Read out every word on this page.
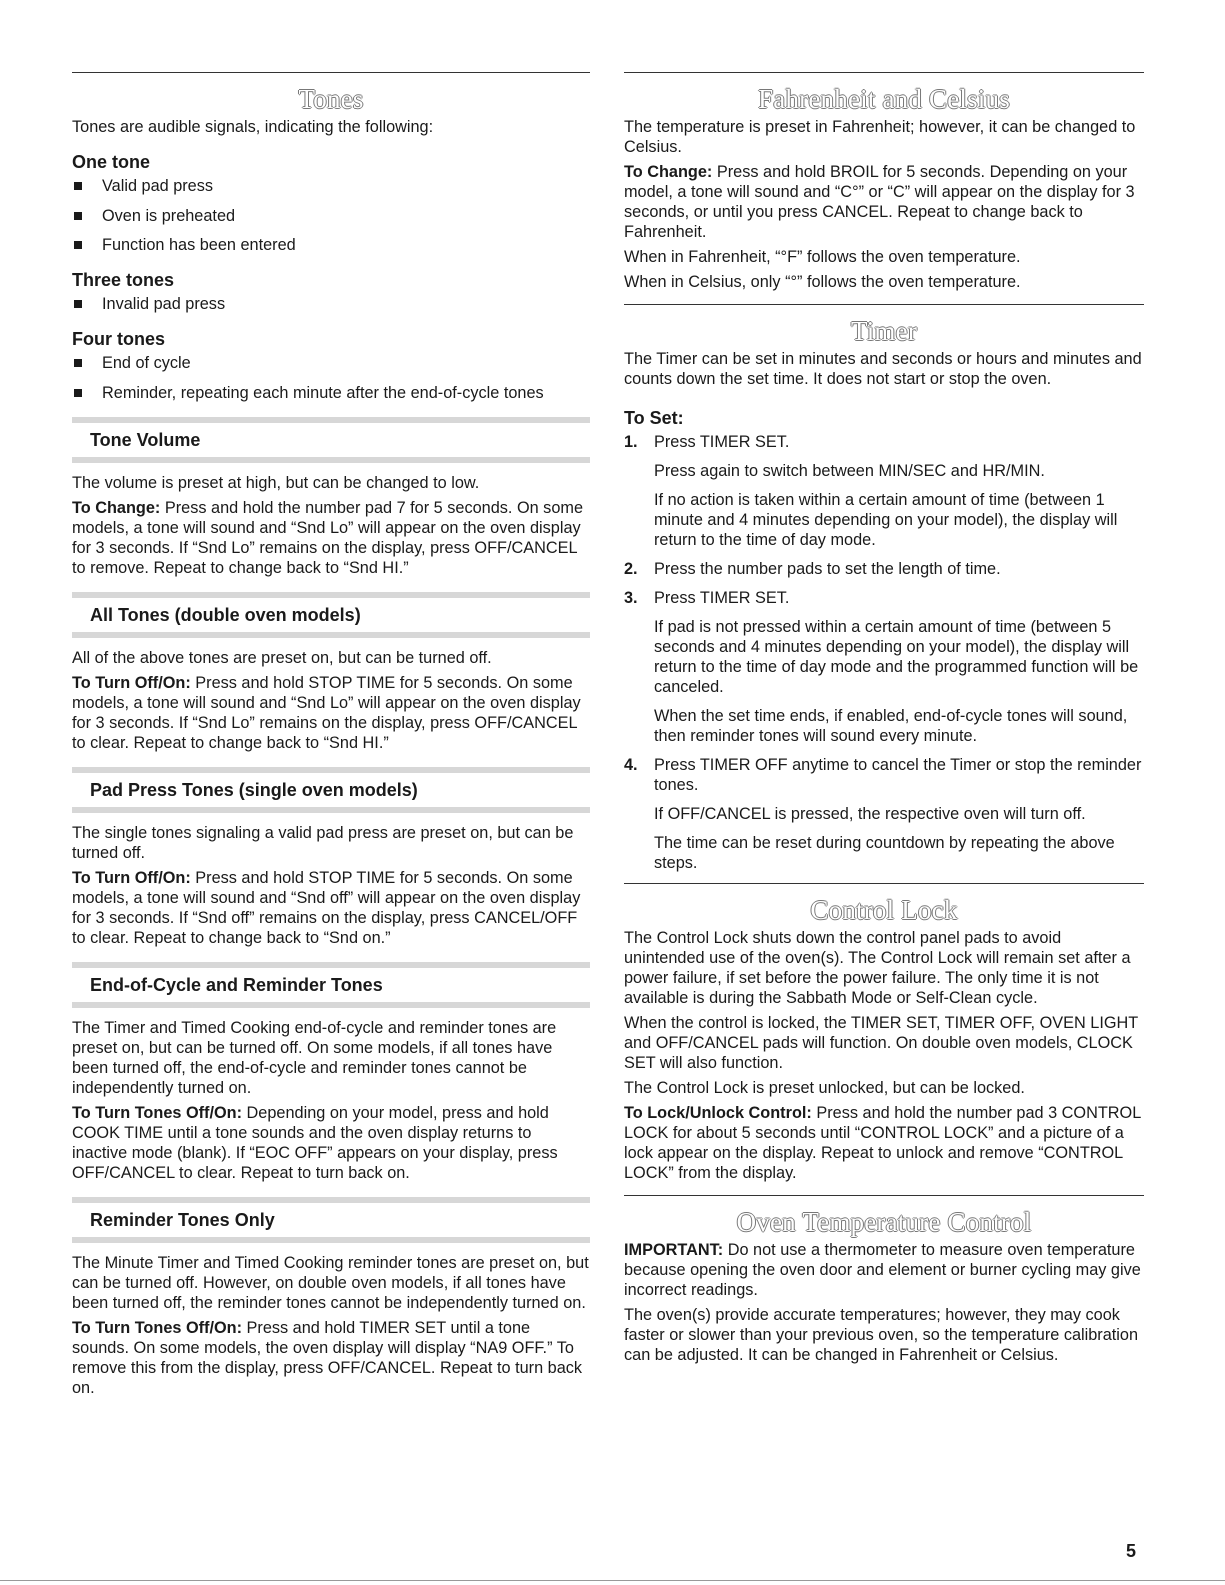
Tones

Tones are audible signals, indicating the following:

One tone
Valid pad press
Oven is preheated
Function has been entered
Three tones
Invalid pad press
Four tones
End of cycle
Reminder, repeating each minute after the end-of-cycle tones
Tone Volume

The volume is preset at high, but can be changed to low.

To Change: Press and hold the number pad 7 for 5 seconds. On some models, a tone will sound and “Snd Lo” will appear on the oven display for 3 seconds. If “Snd Lo” remains on the display, press OFF/CANCEL to remove. Repeat to change back to “Snd HI.”

All Tones (double oven models)

All of the above tones are preset on, but can be turned off.

To Turn Off/On: Press and hold STOP TIME for 5 seconds. On some models, a tone will sound and “Snd Lo” will appear on the oven display for 3 seconds. If “Snd Lo” remains on the display, press OFF/CANCEL to clear. Repeat to change back to “Snd HI.”

Pad Press Tones (single oven models)

The single tones signaling a valid pad press are preset on, but can be turned off.

To Turn Off/On: Press and hold STOP TIME for 5 seconds. On some models, a tone will sound and “Snd off” will appear on the oven display for 3 seconds. If “Snd off” remains on the display, press CANCEL/OFF to clear. Repeat to change back to “Snd on.”

End-of-Cycle and Reminder Tones

The Timer and Timed Cooking end-of-cycle and reminder tones are preset on, but can be turned off. On some models, if all tones have been turned off, the end-of-cycle and reminder tones cannot be independently turned on.

To Turn Tones Off/On: Depending on your model, press and hold COOK TIME until a tone sounds and the oven display returns to inactive mode (blank). If “EOC OFF” appears on your display, press OFF/CANCEL to clear. Repeat to turn back on.

Reminder Tones Only

The Minute Timer and Timed Cooking reminder tones are preset on, but can be turned off. However, on double oven models, if all tones have been turned off, the reminder tones cannot be independently turned on.

To Turn Tones Off/On: Press and hold TIMER SET until a tone sounds. On some models, the oven display will display “NA9 OFF.” To remove this from the display, press OFF/CANCEL. Repeat to turn back on.

Fahrenheit and Celsius

The temperature is preset in Fahrenheit; however, it can be changed to Celsius.

To Change: Press and hold BROIL for 5 seconds. Depending on your model, a tone will sound and “C°” or “C” will appear on the display for 3 seconds, or until you press CANCEL. Repeat to change back to Fahrenheit.

When in Fahrenheit, “°F” follows the oven temperature.

When in Celsius, only “°” follows the oven temperature.

Timer

The Timer can be set in minutes and seconds or hours and minutes and counts down the set time. It does not start or stop the oven.

To Set:
1. Press TIMER SET.
Press again to switch between MIN/SEC and HR/MIN.
If no action is taken within a certain amount of time (between 1 minute and 4 minutes depending on your model), the display will return to the time of day mode.
2. Press the number pads to set the length of time.
3. Press TIMER SET.
If pad is not pressed within a certain amount of time (between 5 seconds and 4 minutes depending on your model), the display will return to the time of day mode and the programmed function will be canceled.
When the set time ends, if enabled, end-of-cycle tones will sound, then reminder tones will sound every minute.
4. Press TIMER OFF anytime to cancel the Timer or stop the reminder tones.
If OFF/CANCEL is pressed, the respective oven will turn off.
The time can be reset during countdown by repeating the above steps.
Control Lock

The Control Lock shuts down the control panel pads to avoid unintended use of the oven(s). The Control Lock will remain set after a power failure, if set before the power failure. The only time it is not available is during the Sabbath Mode or Self-Clean cycle.

When the control is locked, the TIMER SET, TIMER OFF, OVEN LIGHT and OFF/CANCEL pads will function. On double oven models, CLOCK SET will also function.

The Control Lock is preset unlocked, but can be locked.

To Lock/Unlock Control: Press and hold the number pad 3 CONTROL LOCK for about 5 seconds until “CONTROL LOCK” and a picture of a lock appear on the display. Repeat to unlock and remove “CONTROL LOCK” from the display.

Oven Temperature Control

IMPORTANT: Do not use a thermometer to measure oven temperature because opening the oven door and element or burner cycling may give incorrect readings.

The oven(s) provide accurate temperatures; however, they may cook faster or slower than your previous oven, so the temperature calibration can be adjusted. It can be changed in Fahrenheit or Celsius.

5
